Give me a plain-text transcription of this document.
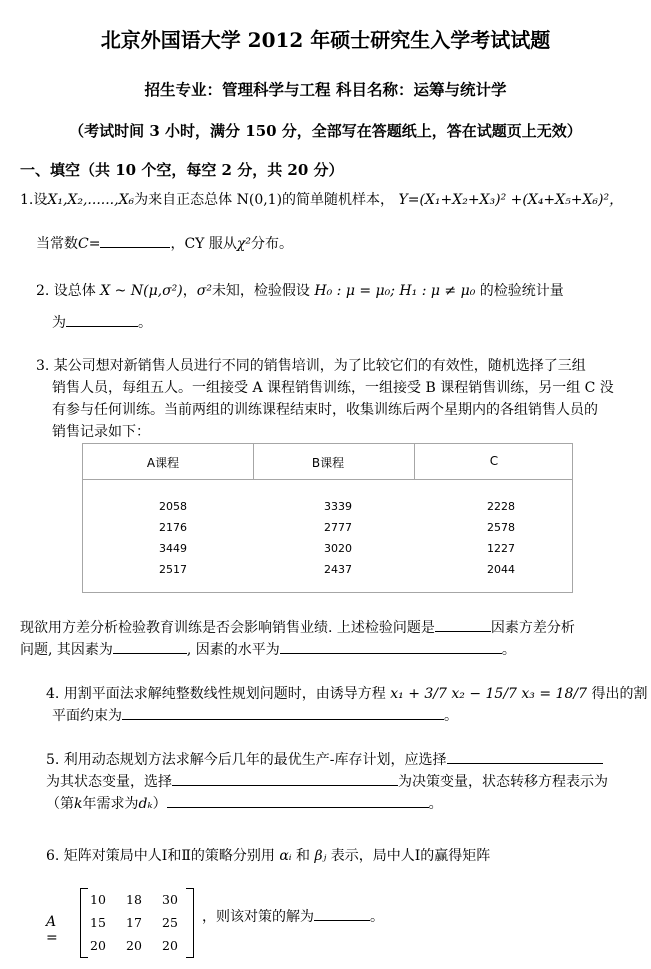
北京外国语大学 2012 年硕士研究生入学考试试题
招生专业：管理科学与工程 科目名称：运筹与统计学
（考试时间 3 小时，满分 150 分，全部写在答题纸上，答在试题页上无效）
一、填空（共 10 个空，每空 2 分，共 20 分）
1.设X₁,X₂,......,X₆为来自正态总体 N(0,1)的简单随机样本， Y=(X₁+X₂+X₃)² +(X₄+X₅+X₆)²，
当常数C=	，CY 服从χ²分布。
2. 设总体 X ~ N(μ,σ²)，σ²未知，检验假设 H₀ : μ = μ₀; H₁ : μ ≠ μ₀ 的检验统计量
为	。
3. 某公司想对新销售人员进行不同的销售培训，为了比较它们的有效性，随机选择了三组
销售人员，每组五人。一组接受 A 课程销售训练，一组接受 B 课程销售训练，另一组 C 没
有参与任何训练。当前两组的训练课程结束时，收集训练后两个星期内的各组销售人员的
销售记录如下：
A课程	B课程	C
2058	3339	2228
2176	2777	2578
3449	3020	1227
2517	2437	2044
现欲用方差分析检验教育训练是否会影响销售业绩. 上述检验问题是	因素方差分析
问题, 其因素为	, 因素的水平为	。
4. 用割平面法求解纯整数线性规划问题时，由诱导方程 x₁ + 3/7 x₂ − 15/7 x₃ = 18/7 得出的割
平面约束为	。
5. 利用动态规划方法求解今后几年的最优生产-库存计划，应选择
为其状态变量，选择	为决策变量，状态转移方程表示为
（第k年需求为dₖ）	。
6. 矩阵对策局中人Ⅰ和Ⅱ的策略分别用 αᵢ 和 βⱼ 表示，局中人Ⅰ的赢得矩阵
A =
10 18 30
15 17 25
20 20 20
，则该对策的解为	。
